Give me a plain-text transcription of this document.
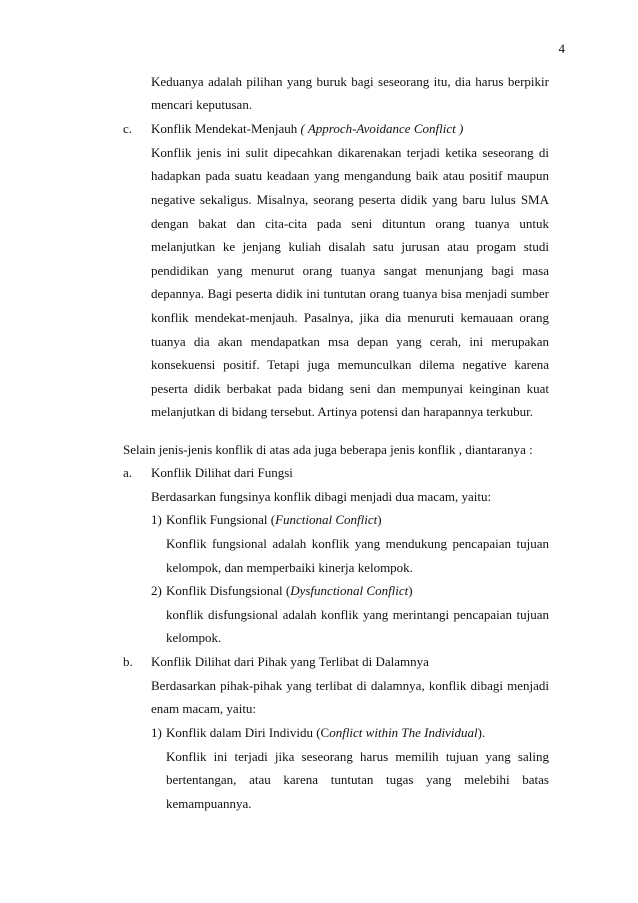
4
Keduanya adalah pilihan yang buruk bagi seseorang itu, dia harus berpikir
mencari keputusan.
c.	Konflik Mendekat-Menjauh
( Approch-Avoidance Conflict )
Konflik jenis ini sulit dipecahkan dikarenakan terjadi ketika seseorang di
hadapkan pada suatu keadaan yang mengandung baik atau positif maupun
negative sekaligus. Misalnya, seorang peserta didik yang baru lulus SMA
dengan bakat dan cita-cita pada seni dituntun orang tuanya untuk
melanjutkan ke jenjang kuliah disalah satu jurusan atau progam studi
pendidikan yang menurut orang tuanya sangat menunjang bagi masa
depannya. Bagi peserta didik ini tuntutan orang tuanya bisa menjadi sumber
konflik mendekat-menjauh. Pasalnya, jika dia menuruti kemauaan orang
tuanya dia akan mendapatkan msa depan yang cerah, ini merupakan
konsekuensi positif. Tetapi juga memunculkan dilema negative karena
peserta didik berbakat pada bidang seni dan mempunyai keinginan kuat
melanjutkan di bidang tersebut. Artinya potensi dan harapannya terkubur.
Selain jenis-jenis konflik di atas ada juga beberapa jenis konflik , diantaranya :
a.	Konflik Dilihat dari Fungsi
Berdasarkan fungsinya konflik dibagi menjadi dua macam, yaitu:
1) Konflik Fungsional ( Functional Conflict )
Konflik fungsional adalah konflik yang mendukung pencapaian tujuan
kelompok, dan memperbaiki kinerja kelompok.
2) Konflik Disfungsional ( Dysfunctional Conflict )
konflik disfungsional adalah konflik yang merintangi pencapaian tujuan
kelompok.
b.	Konflik Dilihat dari Pihak yang Terlibat di Dalamnya
Berdasarkan pihak-pihak yang terlibat di dalamnya, konflik dibagi menjadi
enam macam, yaitu:
1) Konflik dalam Diri Individu (C onflict within The Individual ).
Konflik ini terjadi jika seseorang harus memilih tujuan yang saling
bertentangan, atau karena tuntutan tugas yang melebihi batas
kemampuannya.
